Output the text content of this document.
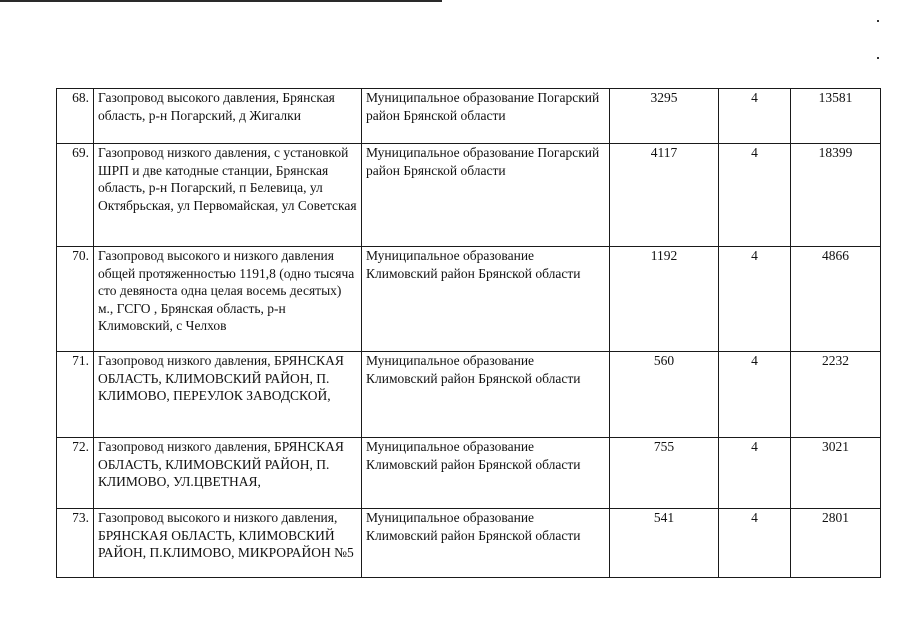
68.	Газопровод высокого давления, Брянская область, р-н Погарский, д Жигалки	Муниципальное образование Погарский район Брянской области	3295	4	13581
69.	Газопровод низкого давления, с установкой ШРП и две катодные станции, Брянская область, р-н Погарский, п Белевица, ул Октябрьская, ул Первомайская, ул Советская	Муниципальное образование Погарский район Брянской области	4117	4	18399
70.	Газопровод высокого и низкого давления общей протяженностью 1191,8 (одно тысяча сто девяноста одна целая восемь десятых) м., ГСГО , Брянская область, р-н Климовский, с Челхов	Муниципальное образование Климовский район Брянской области	1192	4	4866
71.	Газопровод низкого давления, БРЯНСКАЯ ОБЛАСТЬ, КЛИМОВСКИЙ РАЙОН, П. КЛИМОВО, ПЕРЕУЛОК ЗАВОДСКОЙ,	Муниципальное образование Климовский район Брянской области	560	4	2232
72.	Газопровод низкого давления, БРЯНСКАЯ ОБЛАСТЬ, КЛИМОВСКИЙ РАЙОН, П. КЛИМОВО, УЛ.ЦВЕТНАЯ,	Муниципальное образование Климовский район Брянской области	755	4	3021
73.	Газопровод высокого и низкого давления, БРЯНСКАЯ ОБЛАСТЬ, КЛИМОВСКИЙ РАЙОН, П.КЛИМОВО, МИКРОРАЙОН №5	Муниципальное образование Климовский район Брянской области	541	4	2801
